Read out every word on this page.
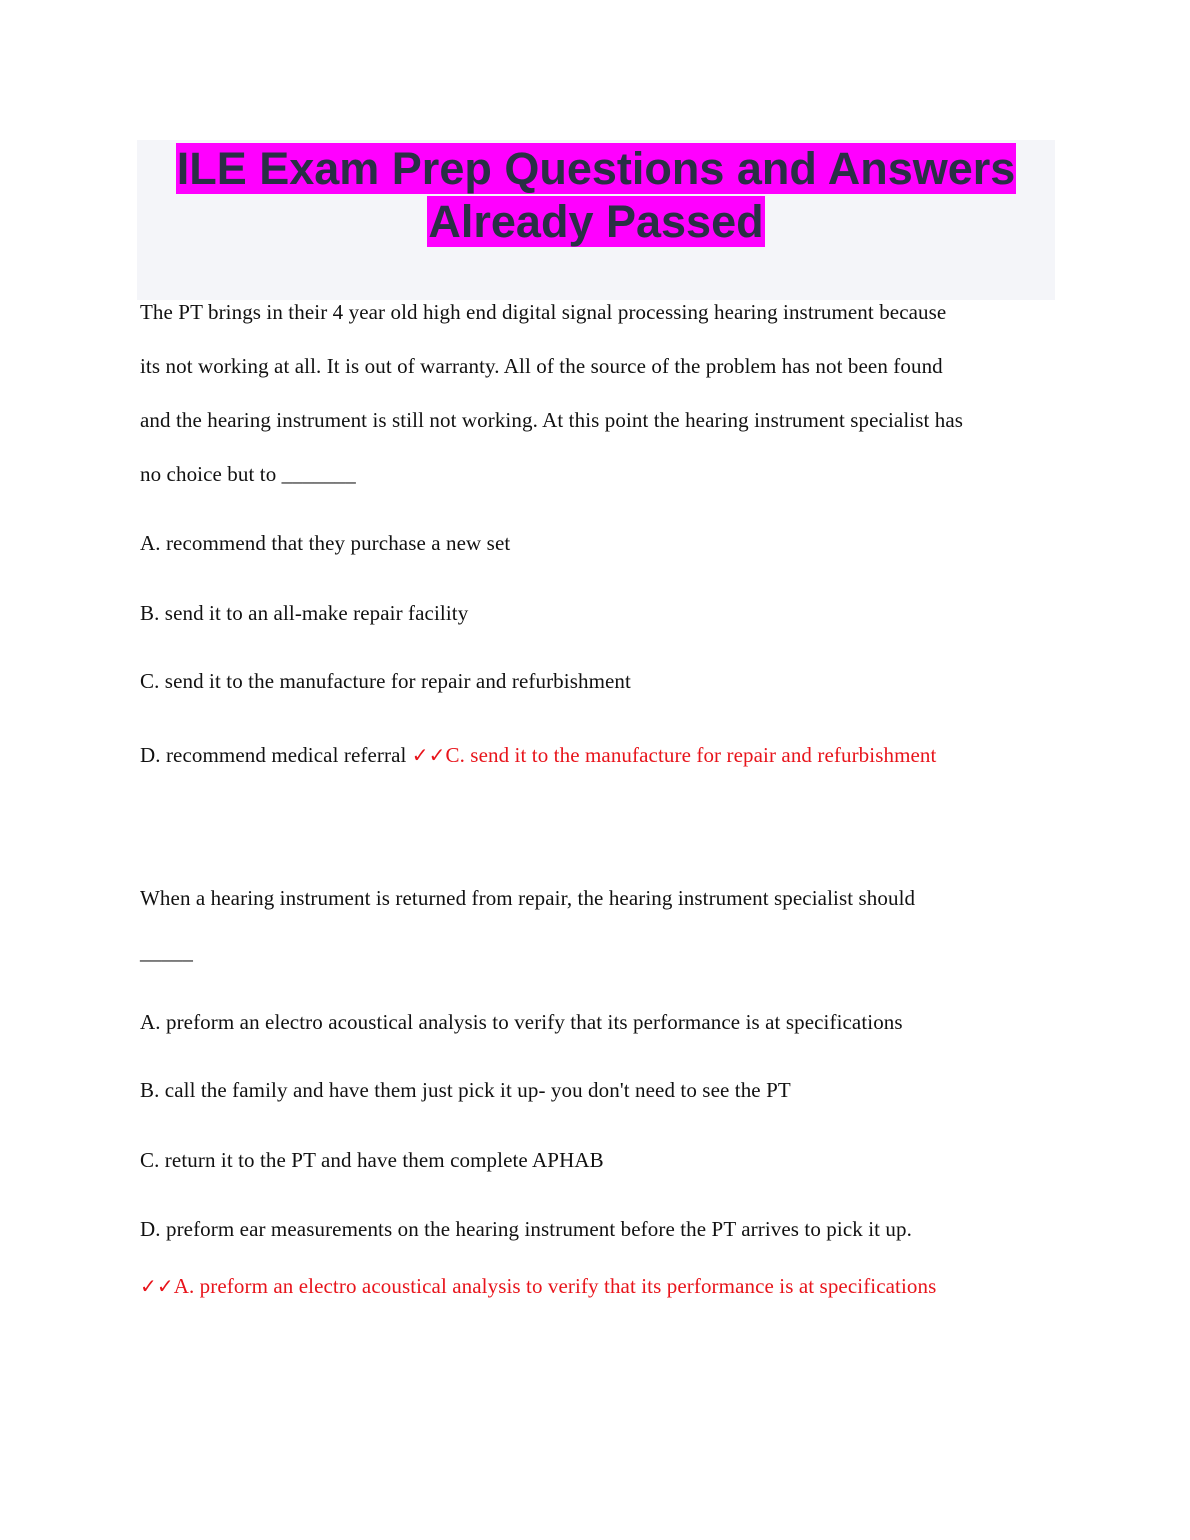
ILE Exam Prep Questions and Answers
Already Passed

The PT brings in their 4 year old high end digital signal processing hearing instrument because

its not working at all. It is out of warranty. All of the source of the problem has not been found

and the hearing instrument is still not working. At this point the hearing instrument specialist has

no choice but to _______

A. recommend that they purchase a new set

B. send it to an all-make repair facility

C. send it to the manufacture for repair and refurbishment

D. recommend medical referral ✓✓C. send it to the manufacture for repair and refurbishment

When a hearing instrument is returned from repair, the hearing instrument specialist should

_____

A. preform an electro acoustical analysis to verify that its performance is at specifications

B. call the family and have them just pick it up- you don't need to see the PT

C. return it to the PT and have them complete APHAB

D. preform ear measurements on the hearing instrument before the PT arrives to pick it up.

✓✓A. preform an electro acoustical analysis to verify that its performance is at specifications
